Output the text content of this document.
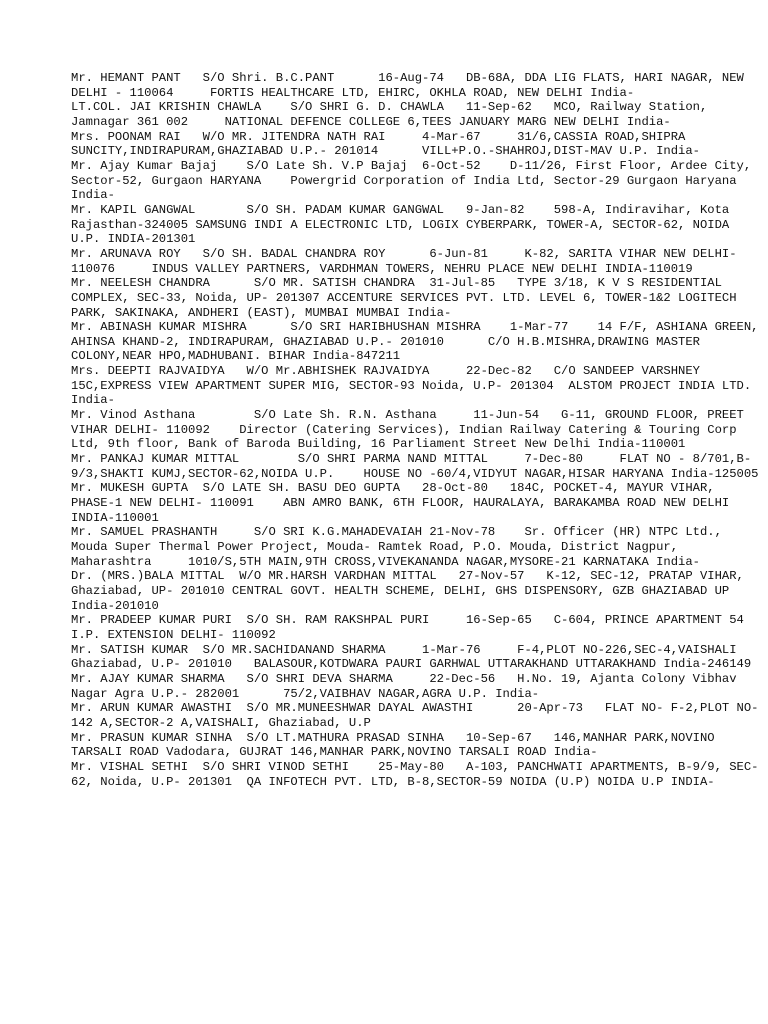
Mr. HEMANT PANT   S/O Shri. B.C.PANT      16-Aug-74   DB-68A, DDA LIG FLATS, HARI NAGAR, NEW DELHI - 110064     FORTIS HEALTHCARE LTD, EHIRC, OKHLA ROAD, NEW DELHI India-

LT.COL. JAI KRISHIN CHAWLA    S/O SHRI G. D. CHAWLA   11-Sep-62   MCO, Railway Station, Jamnagar 361 002     NATIONAL DEFENCE COLLEGE 6,TEES JANUARY MARG NEW DELHI India-

Mrs. POONAM RAI   W/O MR. JITENDRA NATH RAI     4-Mar-67     31/6,CASSIA ROAD,SHIPRA SUNCITY,INDIRAPURAM,GHAZIABAD U.P.- 201014      VILL+P.O.-SHAHROJ,DIST-MAV U.P. India-

Mr. Ajay Kumar Bajaj    S/O Late Sh. V.P Bajaj  6-Oct-52    D-11/26, First Floor, Ardee City, Sector-52, Gurgaon HARYANA    Powergrid Corporation of India Ltd, Sector-29 Gurgaon Haryana India-

Mr. KAPIL GANGWAL       S/O SH. PADAM KUMAR GANGWAL   9-Jan-82    598-A, Indiravihar, Kota Rajasthan-324005 SAMSUNG INDI A ELECTRONIC LTD, LOGIX CYBERPARK, TOWER-A, SECTOR-62, NOIDA U.P. INDIA-201301

Mr. ARUNAVA ROY   S/O SH. BADAL CHANDRA ROY      6-Jun-81     K-82, SARITA VIHAR NEW DELHI- 110076     INDUS VALLEY PARTNERS, VARDHMAN TOWERS, NEHRU PLACE NEW DELHI INDIA-110019

Mr. NEELESH CHANDRA      S/O MR. SATISH CHANDRA  31-Jul-85   TYPE 3/18, K V S RESIDENTIAL COMPLEX, SEC-33, Noida, UP- 201307 ACCENTURE SERVICES PVT. LTD. LEVEL 6, TOWER-1&2 LOGITECH PARK, SAKINAKA, ANDHERI (EAST), MUMBAI MUMBAI India-

Mr. ABINASH KUMAR MISHRA      S/O SRI HARIBHUSHAN MISHRA    1-Mar-77    14 F/F, ASHIANA GREEN, AHINSA KHAND-2, INDIRAPURAM, GHAZIABAD U.P.- 201010      C/O H.B.MISHRA,DRAWING MASTER COLONY,NEAR HPO,MADHUBANI. BIHAR India-847211

Mrs. DEEPTI RAJVAIDYA   W/O Mr.ABHISHEK RAJVAIDYA     22-Dec-82   C/O SANDEEP VARSHNEY 15C,EXPRESS VIEW APARTMENT SUPER MIG, SECTOR-93 Noida, U.P- 201304  ALSTOM PROJECT INDIA LTD. India-

Mr. Vinod Asthana        S/O Late Sh. R.N. Asthana     11-Jun-54   G-11, GROUND FLOOR, PREET VIHAR DELHI- 110092    Director (Catering Services), Indian Railway Catering & Touring Corp Ltd, 9th floor, Bank of Baroda Building, 16 Parliament Street New Delhi India-110001

Mr. PANKAJ KUMAR MITTAL        S/O SHRI PARMA NAND MITTAL     7-Dec-80     FLAT NO - 8/701,B-9/3,SHAKTI KUMJ,SECTOR-62,NOIDA U.P.    HOUSE NO -60/4,VIDYUT NAGAR,HISAR HARYANA India-125005

Mr. MUKESH GUPTA  S/O LATE SH. BASU DEO GUPTA   28-Oct-80   184C, POCKET-4, MAYUR VIHAR, PHASE-1 NEW DELHI- 110091    ABN AMRO BANK, 6TH FLOOR, HAURALAYA, BARAKAMBA ROAD NEW DELHI INDIA-110001

Mr. SAMUEL PRASHANTH     S/O SRI K.G.MAHADEVAIAH 21-Nov-78    Sr. Officer (HR) NTPC Ltd., Mouda Super Thermal Power Project, Mouda- Ramtek Road, P.O. Mouda, District Nagpur, Maharashtra     1010/S,5TH MAIN,9TH CROSS,VIVEKANANDA NAGAR,MYSORE-21 KARNATAKA India-

Dr. (MRS.)BALA MITTAL  W/O MR.HARSH VARDHAN MITTAL   27-Nov-57   K-12, SEC-12, PRATAP VIHAR, Ghaziabad, UP- 201010 CENTRAL GOVT. HEALTH SCHEME, DELHI, GHS DISPENSORY, GZB GHAZIABAD UP India-201010

Mr. PRADEEP KUMAR PURI  S/O SH. RAM RAKSHPAL PURI     16-Sep-65   C-604, PRINCE APARTMENT 54 I.P. EXTENSION DELHI- 110092

Mr. SATISH KUMAR  S/O MR.SACHIDANAND SHARMA     1-Mar-76     F-4,PLOT NO-226,SEC-4,VAISHALI Ghaziabad, U.P- 201010   BALASOUR,KOTDWARA PAURI GARHWAL UTTARAKHAND UTTARAKHAND India-246149

Mr. AJAY KUMAR SHARMA   S/O SHRI DEVA SHARMA     22-Dec-56   H.No. 19, Ajanta Colony Vibhav Nagar Agra U.P.- 282001      75/2,VAIBHAV NAGAR,AGRA U.P. India-

Mr. ARUN KUMAR AWASTHI  S/O MR.MUNEESHWAR DAYAL AWASTHI      20-Apr-73   FLAT NO- F-2,PLOT NO-142 A,SECTOR-2 A,VAISHALI, Ghaziabad, U.P

Mr. PRASUN KUMAR SINHA  S/O LT.MATHURA PRASAD SINHA   10-Sep-67   146,MANHAR PARK,NOVINO TARSALI ROAD Vadodara, GUJRAT 146,MANHAR PARK,NOVINO TARSALI ROAD India-

Mr. VISHAL SETHI  S/O SHRI VINOD SETHI    25-May-80   A-103, PANCHWATI APARTMENTS, B-9/9, SEC-62, Noida, U.P- 201301  QA INFOTECH PVT. LTD, B-8,SECTOR-59 NOIDA (U.P) NOIDA U.P INDIA-
